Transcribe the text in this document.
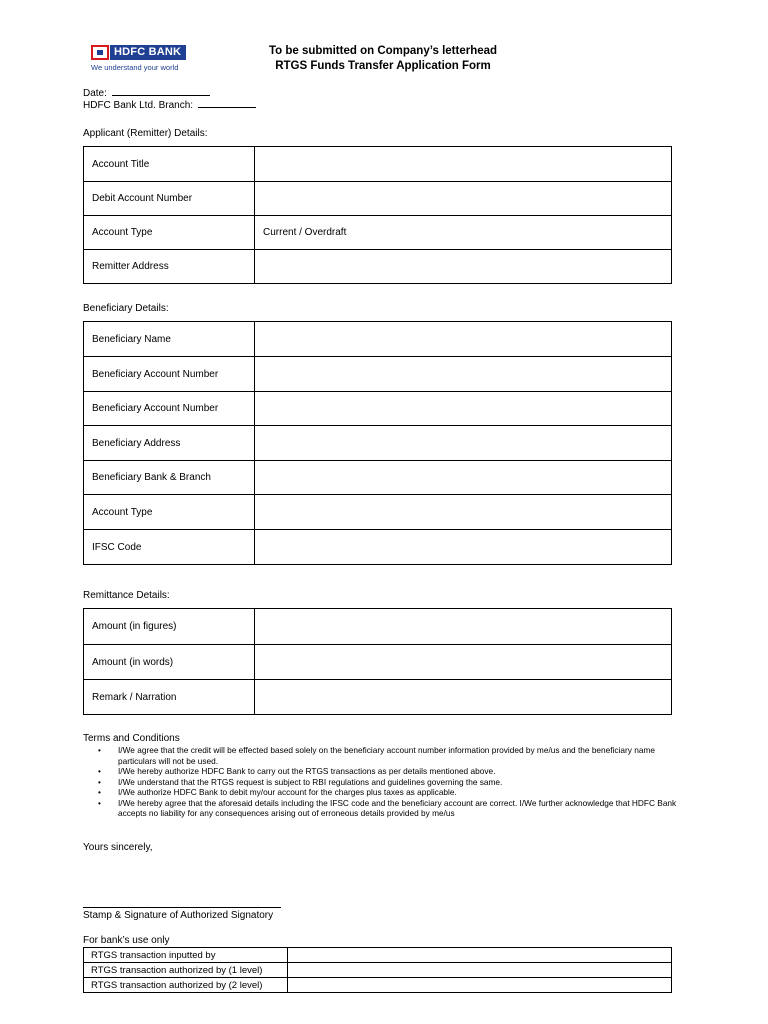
HDFC BANK
We understand your world
To be submitted on Company’s letterhead
RTGS Funds Transfer Application Form
Date:
HDFC Bank Ltd. Branch:
Applicant (Remitter) Details:
Account Title	
Debit Account Number	
Account Type	Current / Overdraft
Remitter Address	
Beneficiary Details:
Beneficiary Name	
Beneficiary Account Number	
Beneficiary Account Number	
Beneficiary Address	
Beneficiary Bank & Branch	
Account Type	
IFSC Code	
Remittance Details:
Amount (in figures)	
Amount (in words)	
Remark / Narration	
Terms and Conditions
• I/We agree that the credit will be effected based solely on the beneficiary account number information provided by me/us and the beneficiary name particulars will not be used.
• I/We hereby authorize HDFC Bank to carry out the RTGS transactions as per details mentioned above.
• I/We understand that the RTGS request is subject to RBI regulations and guidelines governing the same.
• I/We authorize HDFC Bank to debit my/our account for the charges plus taxes as applicable.
• I/We hereby agree that the aforesaid details including the IFSC code and the beneficiary account are correct. I/We further acknowledge that HDFC Bank accepts no liability for any consequences arising out of erroneous details provided by me/us
Yours sincerely,
Stamp & Signature of Authorized Signatory
For bank’s use only
RTGS transaction inputted by	
RTGS transaction authorized by (1 level)	
RTGS transaction authorized by (2 level)	
